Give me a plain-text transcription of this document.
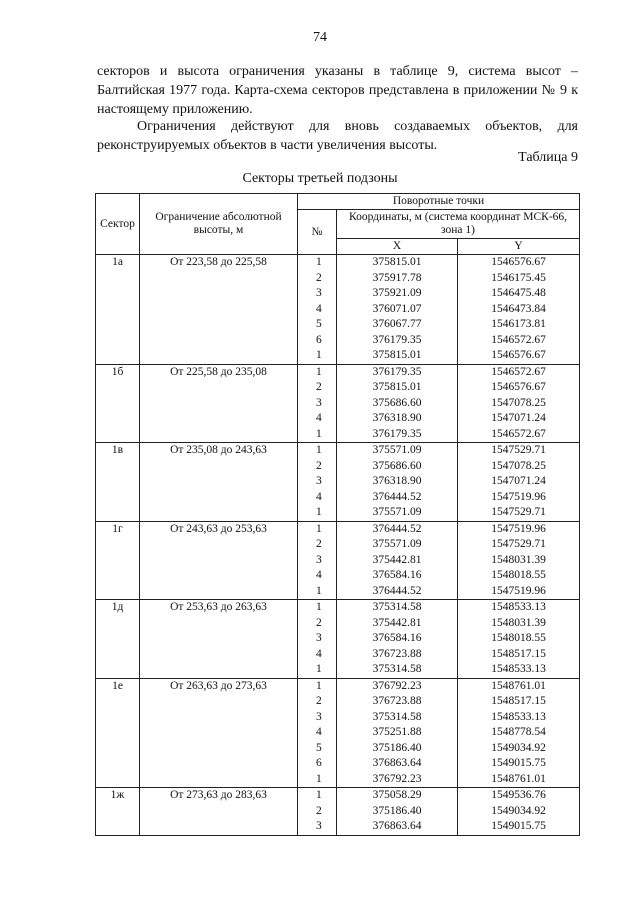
74
секторов и высота ограничения указаны в таблице 9, система высот – Балтийская 1977 года. Карта-схема секторов представлена в приложении № 9 к настоящему приложению.
Ограничения действуют для вновь создаваемых объектов, для реконструируемых объектов в части увеличения высоты.
Таблица 9
Секторы третьей подзоны
Сектор	Ограничение абсолютной высоты, м	Поворотные точки		
		№	Координаты, м (система координат МСК-66, зона 1)	
			X	Y
1а	От 223,58 до 225,58	1	375815.01	1546576.67
		2	375917.78	1546175.45
		3	375921.09	1546475.48
		4	376071.07	1546473.84
		5	376067.77	1546173.81
		6	376179.35	1546572.67
		1	375815.01	1546576.67
1б	От 225,58 до 235,08	1	376179.35	1546572.67
		2	375815.01	1546576.67
		3	375686.60	1547078.25
		4	376318.90	1547071.24
		1	376179.35	1546572.67
1в	От 235,08 до 243,63	1	375571.09	1547529.71
		2	375686.60	1547078.25
		3	376318.90	1547071.24
		4	376444.52	1547519.96
		1	375571.09	1547529.71
1г	От 243,63 до 253,63	1	376444.52	1547519.96
		2	375571.09	1547529.71
		3	375442.81	1548031.39
		4	376584.16	1548018.55
		1	376444.52	1547519.96
1д	От 253,63 до 263,63	1	375314.58	1548533.13
		2	375442.81	1548031.39
		3	376584.16	1548018.55
		4	376723.88	1548517.15
		1	375314.58	1548533.13
1е	От 263,63 до 273,63	1	376792.23	1548761.01
		2	376723.88	1548517.15
		3	375314.58	1548533.13
		4	375251.88	1548778.54
		5	375186.40	1549034.92
		6	376863.64	1549015.75
		1	376792.23	1548761.01
1ж	От 273,63 до 283,63	1	375058.29	1549536.76
		2	375186.40	1549034.92
		3	376863.64	1549015.75
